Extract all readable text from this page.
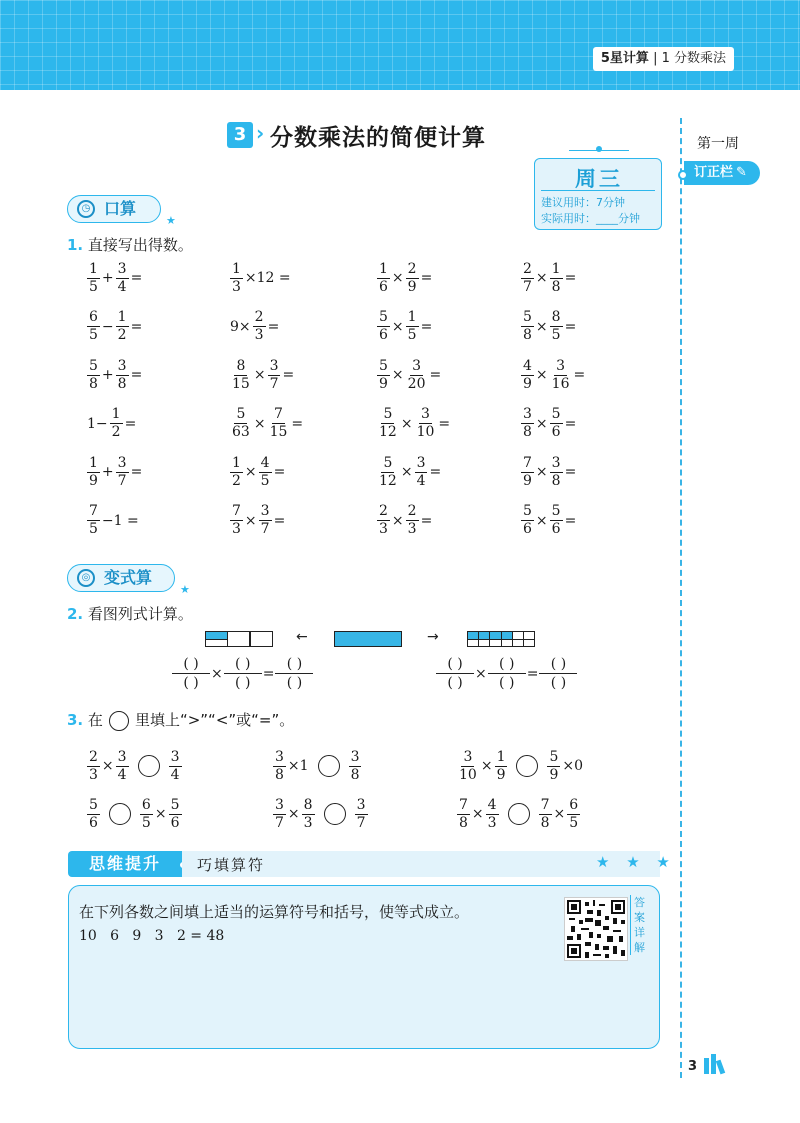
5星计算 | 1 分数乘法
第一周
订正栏 ✎
3 › 分数乘法的简便计算
周三
建议用时：7分钟
实际用时：____分钟
◷ 口算
★
1. 直接写出得数。
$\frac{1}{5} + \frac{3}{4}$ =	$\frac{1}{3} \times 12$ =	$\frac{1}{6} \times \frac{2}{9}$ =	$\frac{2}{7} \times \frac{1}{8}$ =
$\frac{6}{5} - \frac{1}{2}$ =	$9\times \frac{2}{3}$ =	$\frac{5}{6} \times \frac{1}{5}$ =	$\frac{5}{8} \times \frac{8}{5}$ =
$\frac{5}{8} + \frac{3}{8}$ =	$\frac{8}{15} \times \frac{3}{7}$ =	$\frac{5}{9} \times \frac{3}{20}$ =	$\frac{4}{9} \times \frac{3}{16}$ =
$1- \frac{1}{2}$ =	$\frac{5}{63} \times \frac{7}{15}$ =	$\frac{5}{12} \times \frac{3}{10}$ =	$\frac{3}{8} \times \frac{5}{6}$ =
$\frac{1}{9} + \frac{3}{7}$ =	$\frac{1}{2} \times \frac{4}{5}$ =	$\frac{5}{12} \times \frac{3}{4}$ =	$\frac{7}{9} \times \frac{3}{8}$ =
$\frac{7}{5} -1$ =	$\frac{7}{3} \times \frac{3}{7}$ =	$\frac{2}{3} \times \frac{2}{3}$ =	$\frac{5}{6} \times \frac{5}{6}$ =
◎ 变式算
★
2. 看图列式计算。
←	→
( )
( )
×
( )
( )
=
( )
( )
( )
( )
×
( )
( )
=
( )
( )
3. 在 里填上“>”“<”或“=”。
$\frac{2}{3} \times \frac{3}{4}$	$\frac{3}{4}$	$\frac{3}{8} \times 1$	$\frac{3}{8}$	$\frac{3}{10} \times \frac{1}{9}$	$\frac{5}{9} \times 0$
$\frac{5}{6}$	$\frac{6}{5} \times \frac{5}{6}$	$\frac{3}{7} \times \frac{8}{3}$	$\frac{3}{7}$	$\frac{7}{8} \times \frac{4}{3}$	$\frac{7}{8} \times \frac{6}{5}$
思维提升	巧填算符	★ ★ ★
在下列各数之间填上适当的运算符号和括号，使等式成立。
10   6   9   3   2 = 48
答
案
详
解
3
